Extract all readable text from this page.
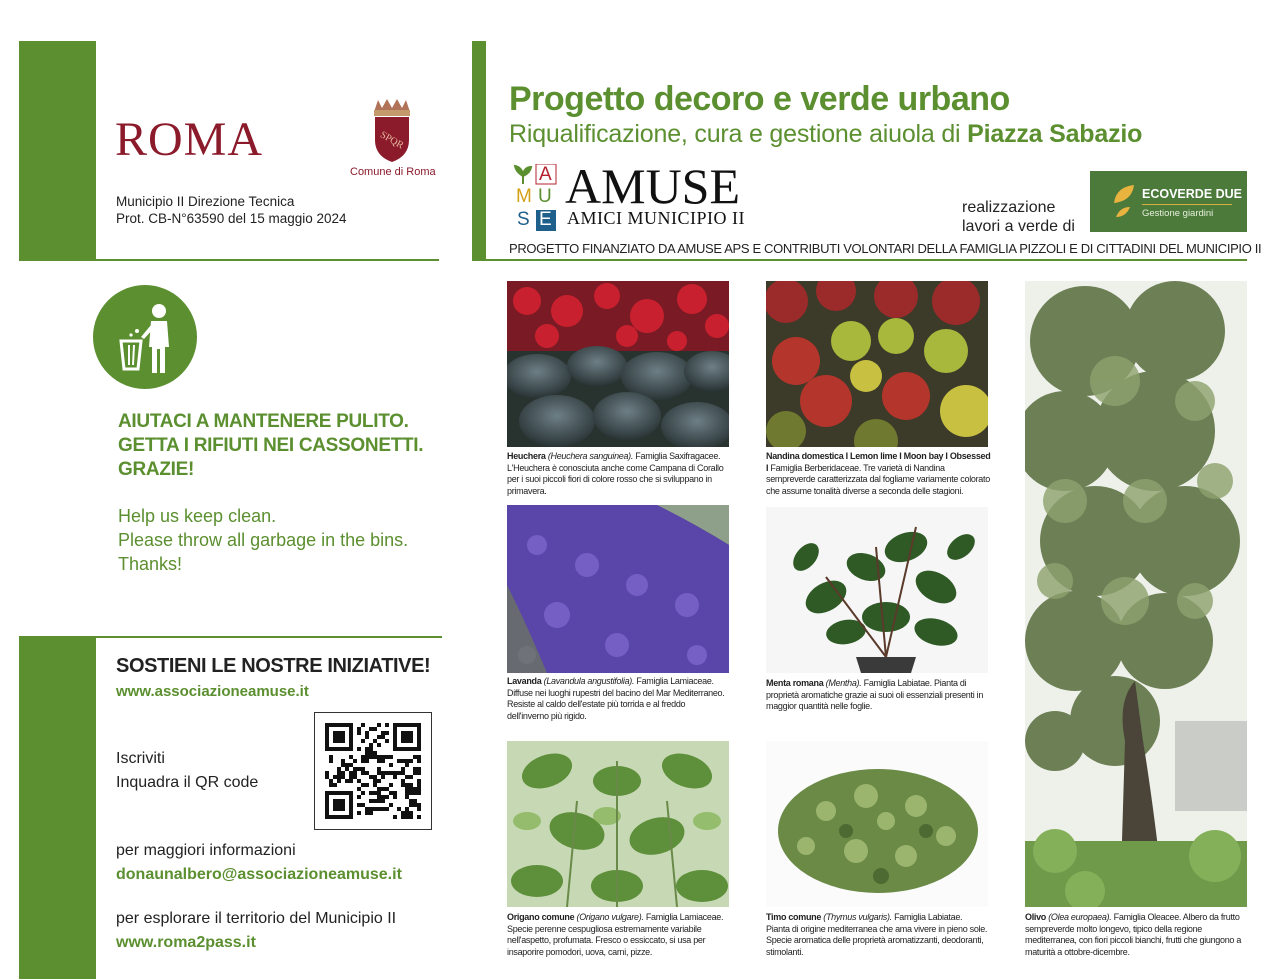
ROMA	SPQR
Comune di Roma
Municipio II Direzione Tecnica
Prot. CB-N°63590 del 15 maggio 2024
AIUTACI A MANTENERE PULITO.
GETTA I RIFIUTI NEI CASSONETTI.
GRAZIE!
Help us keep clean.
Please throw all garbage in the bins.
Thanks!
SOSTIENI LE NOSTRE INIZIATIVE!
www.associazioneamuse.it
Iscriviti
Inquadra il QR code
per maggiori informazioni
donaunalbero@associazioneamuse.it
per esplorare il territorio del Municipio II
www.roma2pass.it
Progetto decoro e verde urbano
Riqualificazione, cura e gestione aiuola di Piazza Sabazio
A
M U
S E
AMUSE
AMICI MUNICIPIO II
realizzazione
lavori a verde di
ECOVERDE DUE
Gestione giardini
PROGETTO FINANZIATO DA AMUSE APS E CONTRIBUTI VOLONTARI DELLA FAMIGLIA PIZZOLI E DI CITTADINI DEL MUNICIPIO II
Heuchera (Heuchera sanguinea). Famiglia Saxifragacee. L'Heuchera è conosciuta anche come Campana di Corallo per i suoi piccoli fiori di colore rosso che si sviluppano in primavera.
Nandina domestica I Lemon lime I Moon bay I Obsessed I Famiglia Berberidaceae. Tre varietà di Nandina sempreverde caratterizzata dal fogliame variamente colorato che assume tonalità diverse a seconda delle stagioni.
Lavanda (Lavandula angustifolia). Famiglia Lamiaceae. Diffuse nei luoghi rupestri del bacino del Mar Mediterraneo. Resiste al caldo dell'estate più torrida e al freddo dell'inverno più rigido.
Menta romana (Mentha). Famiglia Labiatae. Pianta di proprietà aromatiche grazie ai suoi oli essenziali presenti in maggior quantità nelle foglie.
Origano comune (Origano vulgare). Famiglia Lamiaceae. Specie perenne cespugliosa estremamente variabile nell'aspetto, profumata. Fresco o essiccato, si usa per insaporire pomodori, uova, carni, pizze.
Timo comune (Thymus vulgaris). Famiglia Labiatae. Pianta di origine mediterranea che ama vivere in pieno sole. Specie aromatica delle proprietà aromatizzanti, deodoranti, stimolanti.
Olivo (Olea europaea). Famiglia Oleacee. Albero da frutto sempreverde molto longevo, tipico della regione mediterranea, con fiori piccoli bianchi, frutti che giungono a maturità a ottobre-dicembre.
